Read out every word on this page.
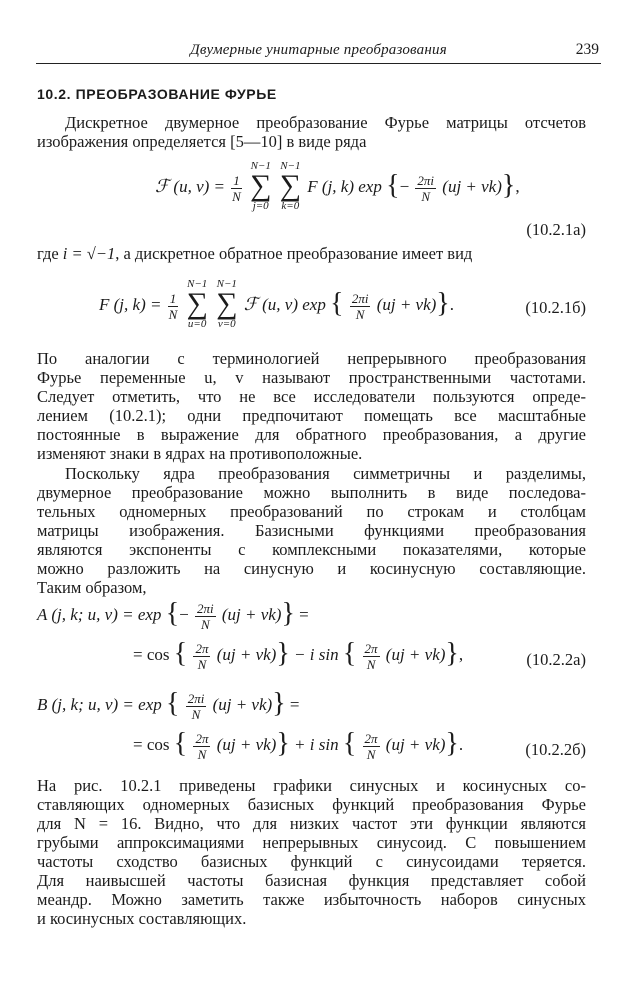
Двумерные унитарные преобразования	239
10.2. ПРЕОБРАЗОВАНИЕ ФУРЬЕ
Дискретное двумерное преобразование Фурье матрицы отсчетов
изображения определяется [5—10] в виде ряда
ℱ (u, $v) = \frac{1}{N}$

N−1
∑
j=0

N−1
∑
k=0
F (j, k) exp {− $\frac{2\pi i}{N} (uj + vk)$},
(10.2.1a)
где i = √−1, а дискретное обратное преобразование имеет вид
F (j, $k) = \frac{1}{N}$

N−1
∑
u=0

N−1
∑
v=0
ℱ (u, v) exp { $\frac{2\pi i}{N} (uj + vk)$}.	(10.2.1б)
По аналогии с терминологией непрерывного преобразования
Фурье переменные u, v называют пространственными частотами.
Следует отметить, что не все исследователи пользуются опреде-
лением (10.2.1); одни предпочитают помещать все масштабные
постоянные в выражение для обратного преобразования, а другие
изменяют знаки в ядрах на противоположные.
Поскольку ядра преобразования симметричны и разделимы,
двумерное преобразование можно выполнить в виде последова-
тельных одномерных преобразований по строкам и столбцам
матрицы изображения. Базисными функциями преобразования
являются экспоненты с комплексными показателями, которые
можно разложить на синусную и косинусную составляющие.
Таким образом,
A (j, k; u, v) = exp {− $\frac{2\pi i}{N} (uj + vk)$} =
= cos { $\frac{2\pi}{N} (uj + vk)\} - i$ sin { $\frac{2\pi}{N} (uj + vk)$},	(10.2.2a)
B (j, k; u, v) = exp { $\frac{2\pi i}{N} (uj + vk)$} =
= cos { $\frac{2\pi}{N} (uj + vk)\} + i$ sin { $\frac{2\pi}{N} (uj + vk)$}.	(10.2.2б)
На рис. 10.2.1 приведены графики синусных и косинусных со-
ставляющих одномерных базисных функций преобразования Фурье
для N = 16. Видно, что для низких частот эти функции являются
грубыми аппроксимациями непрерывных синусоид. С повышением
частоты сходство базисных функций с синусоидами теряется.
Для наивысшей частоты базисная функция представляет собой
меандр. Можно заметить также избыточность наборов синусных
и косинусных составляющих.
